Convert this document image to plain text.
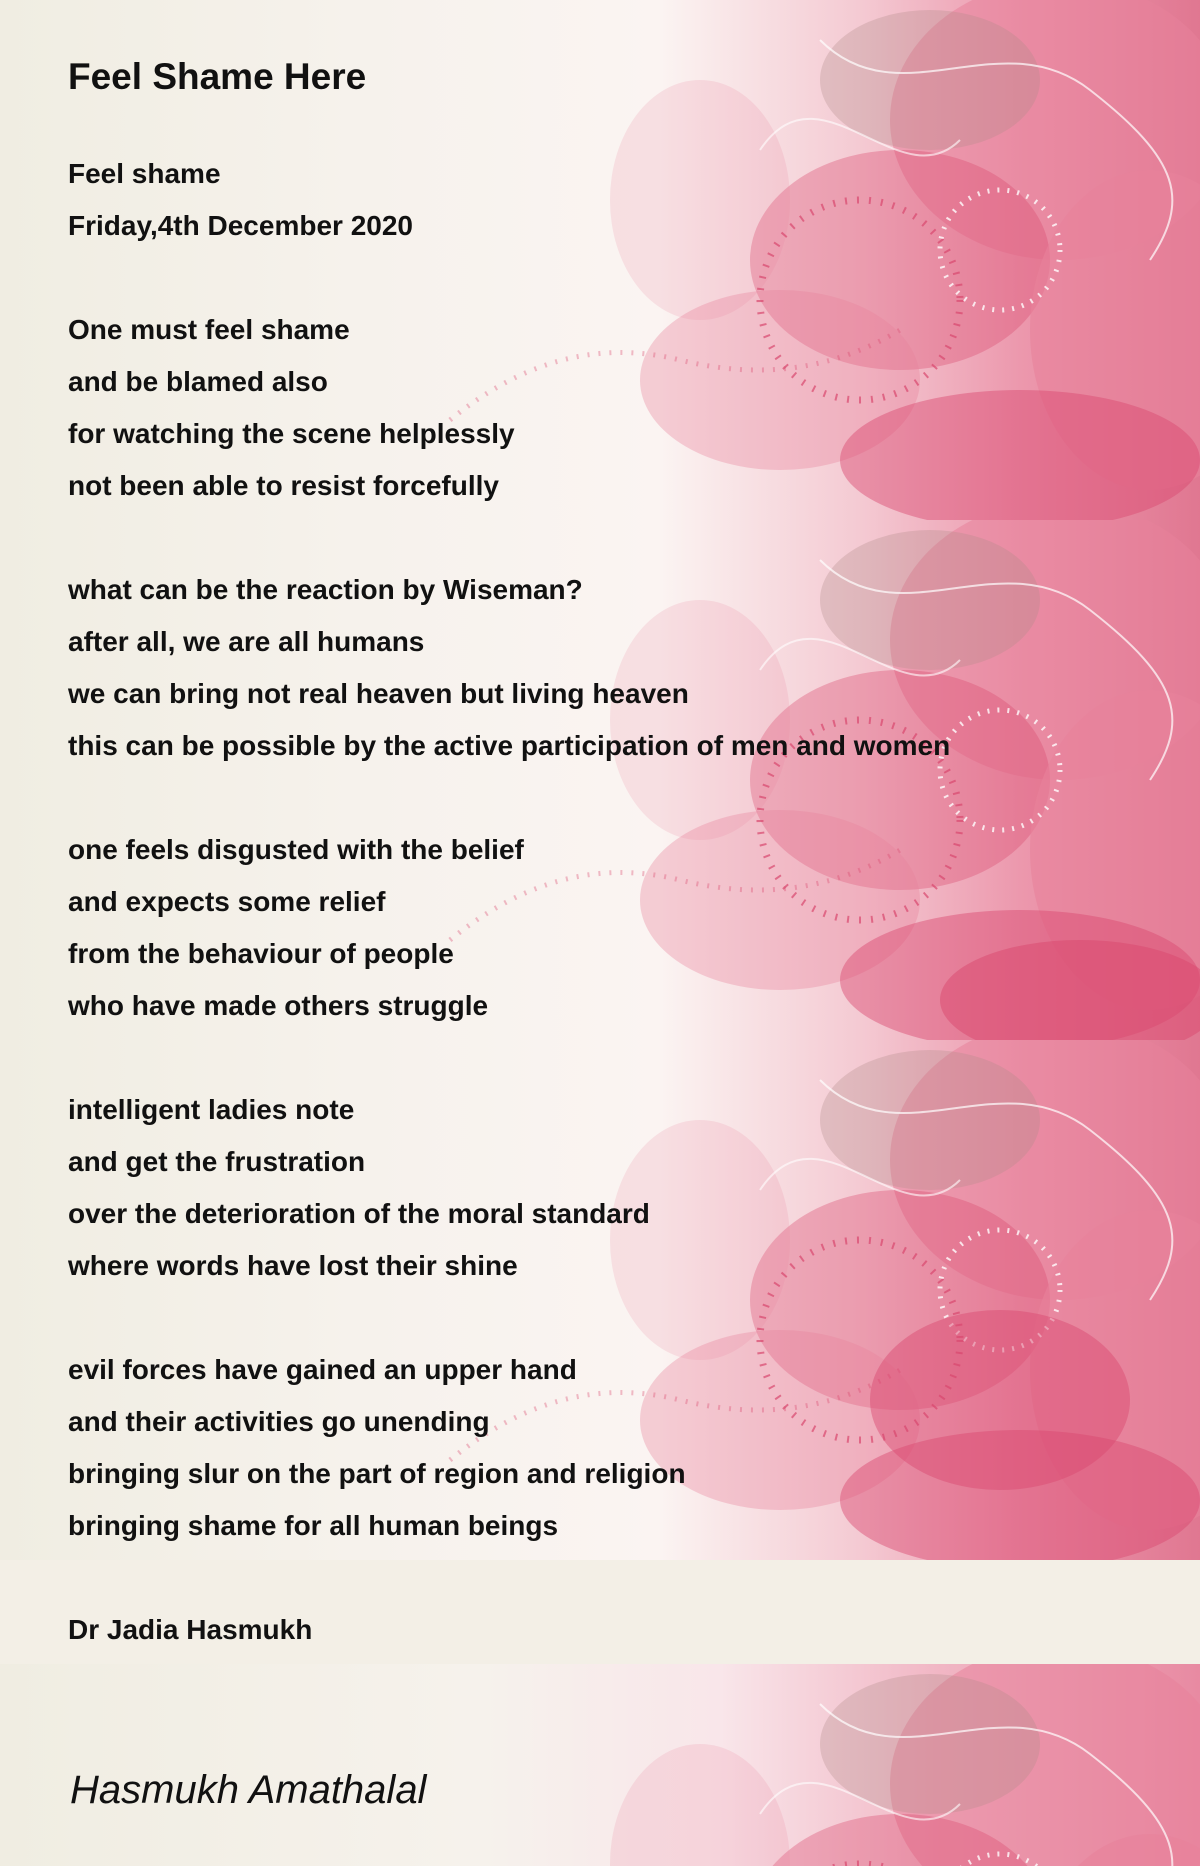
Feel Shame Here
Feel shame
Friday,4th December 2020
One must feel shame
and be blamed also
for watching the scene helplessly
not been able to resist forcefully
what can be the reaction by Wiseman?
after all, we are all humans
we can bring not real heaven but living heaven
this can be possible by the active participation of men and women
one feels disgusted with the belief
and expects some relief
from the behaviour of people
who have made others struggle
intelligent ladies note
and get the frustration
over the deterioration of the moral standard
where words have lost their shine
evil forces have gained an upper hand
and their activities go unending
bringing slur on the part of region and religion
bringing shame for all human beings
Dr Jadia Hasmukh
Hasmukh Amathalal
